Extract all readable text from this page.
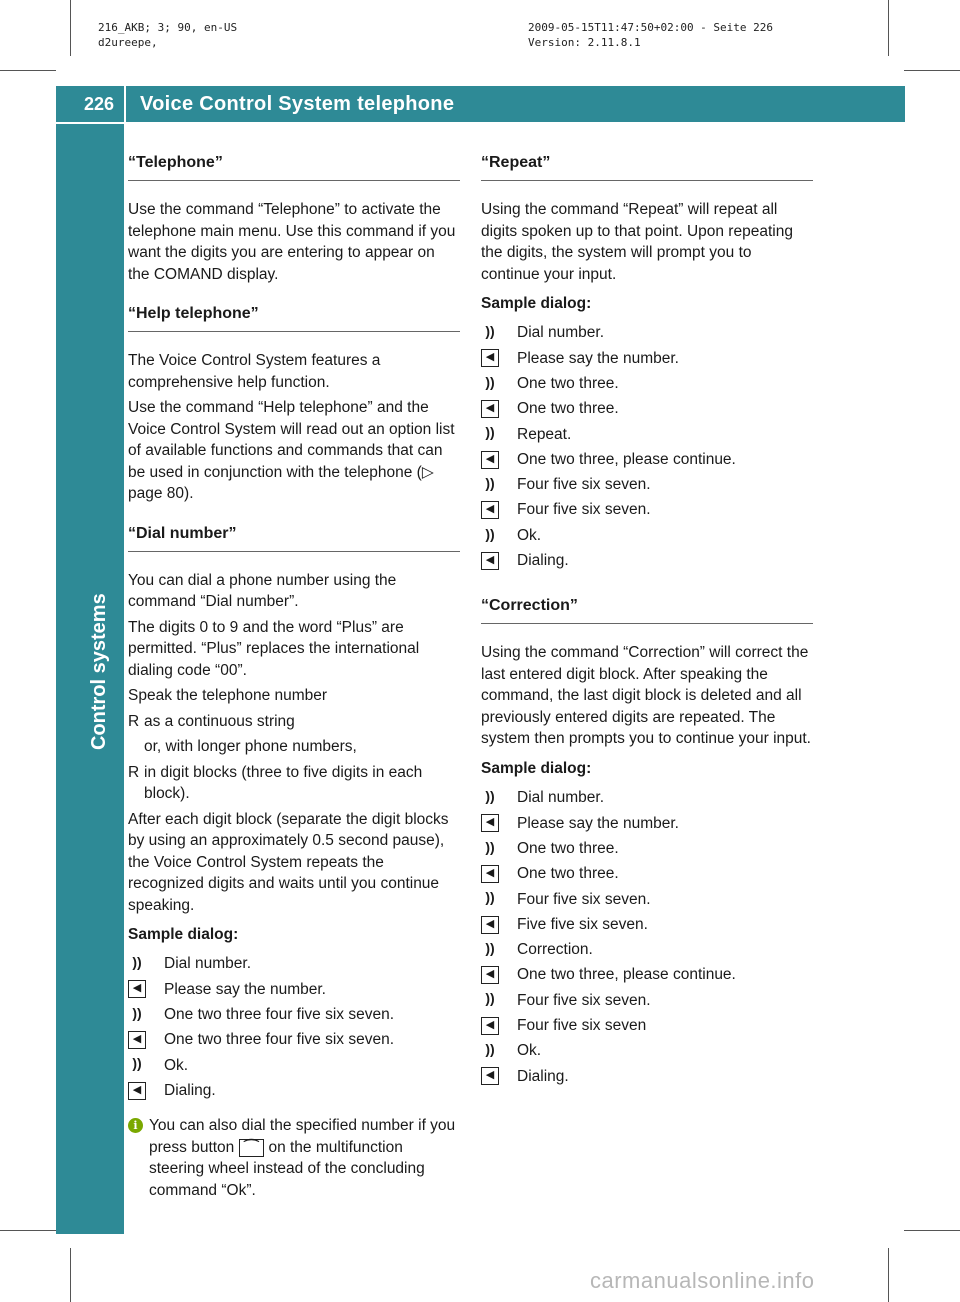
216_AKB; 3; 90, en-US
d2ureepe,
2009-05-15T11:47:50+02:00 - Seite 226
Version: 2.11.8.1
226 Voice Control System telephone
Control systems
“Telephone”

Use the command “Telephone” to activate the telephone main menu. Use this command if you want the digits you are entering to appear on the COMAND display.

“Help telephone”

The Voice Control System features a comprehensive help function.

Use the command “Help telephone” and the Voice Control System will read out an option list of available functions and commands that can be used in conjunction with the telephone (▷ page 80).

“Dial number”

You can dial a phone number using the command “Dial number”.

The digits 0 to 9 and the word “Plus” are permitted. “Plus” replaces the international dialing code “00”.

Speak the telephone number

R as a continuous string
or, with longer phone numbers,
R in digit blocks (three to five digits in each block).

After each digit block (separate the digit blocks by using an approximately 0.5 second pause), the Voice Control System repeats the recognized digits and waits until you continue speaking.

Sample dialog:
)) Dial number.
◀	Please say the number.
)) One two three four five six seven.
◀	One two three four five six seven.
)) Ok.
◀	Dialing.
i You can also dial the specified number if you press button ⌒ on the multifunction steering wheel instead of the concluding command “Ok”.
“Repeat”

Using the command “Repeat” will repeat all digits spoken up to that point. Upon repeating the digits, the system will prompt you to continue your input.

Sample dialog:
)) Dial number.
◀	Please say the number.
)) One two three.
◀	One two three.
)) Repeat.
◀	One two three, please continue.
)) Four five six seven.
◀	Four five six seven.
)) Ok.
◀	Dialing.
“Correction”

Using the command “Correction” will correct the last entered digit block. After speaking the command, the last digit block is deleted and all previously entered digits are repeated. The system then prompts you to continue your input.

Sample dialog:
)) Dial number.
◀	Please say the number.
)) One two three.
◀	One two three.
)) Four five six seven.
◀	Five five six seven.
)) Correction.
◀	One two three, please continue.
)) Four five six seven.
◀	Four five six seven
)) Ok.
◀	Dialing.
carmanualsonline.info
